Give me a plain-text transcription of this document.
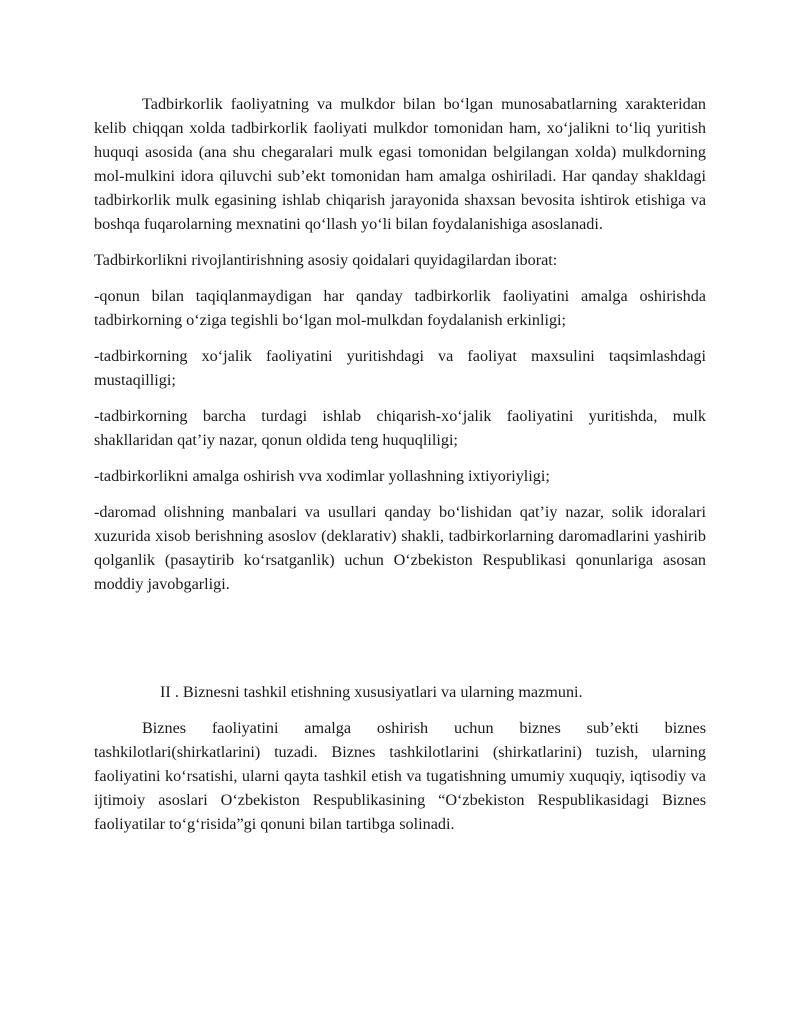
Tadbirkorlik faoliyatning va mulkdor bilan bo‘lgan munosabatlarning xarakteridan kelib chiqqan xolda tadbirkorlik faoliyati mulkdor tomonidan ham, xo‘jalikni to‘liq yuritish huquqi asosida (ana shu chegaralari mulk egasi tomonidan belgilangan xolda) mulkdorning mol-mulkini idora qiluvchi sub’ekt tomonidan ham amalga oshiriladi. Har qanday shakldagi tadbirkorlik mulk egasining ishlab chiqarish jarayonida shaxsan bevosita ishtirok etishiga va boshqa fuqarolarning mexnatini qo‘llash yo‘li bilan foydalanishiga asoslanadi.

Tadbirkorlikni rivojlantirishning asosiy qoidalari quyidagilardan iborat:

-qonun bilan taqiqlanmaydigan har qanday tadbirkorlik faoliyatini amalga oshirishda tadbirkorning o‘ziga tegishli bo‘lgan mol-mulkdan foydalanish erkinligi;

-tadbirkorning xo‘jalik faoliyatini yuritishdagi va faoliyat maxsulini taqsimlashdagi mustaqilligi;

-tadbirkorning barcha turdagi ishlab chiqarish-xo‘jalik faoliyatini yuritishda, mulk shakllaridan qat’iy nazar, qonun oldida teng huquqliligi;

-tadbirkorlikni amalga oshirish vva xodimlar yollashning ixtiyoriyligi;

-daromad olishning manbalari va usullari qanday bo‘lishidan qat’iy nazar, solik idoralari xuzurida xisob berishning asoslov (deklarativ) shakli, tadbirkorlarning daromadlarini yashirib qolganlik (pasaytirib ko‘rsatganlik) uchun O‘zbekiston Respublikasi qonunlariga asosan moddiy javobgarligi.

II . Biznesni tashkil etishning xususiyatlari va ularning mazmuni.

Biznes faoliyatini amalga oshirish uchun biznes sub’ekti biznes tashkilotlari(shirkatlarini) tuzadi. Biznes tashkilotlarini (shirkatlarini) tuzish, ularning faoliyatini ko‘rsatishi, ularni qayta tashkil etish va tugatishning umumiy xuquqiy, iqtisodiy va ijtimoiy asoslari O‘zbekiston Respublikasining “O‘zbekiston Respublikasidagi Biznes faoliyatilar to‘g‘risida”gi qonuni bilan tartibga solinadi.
